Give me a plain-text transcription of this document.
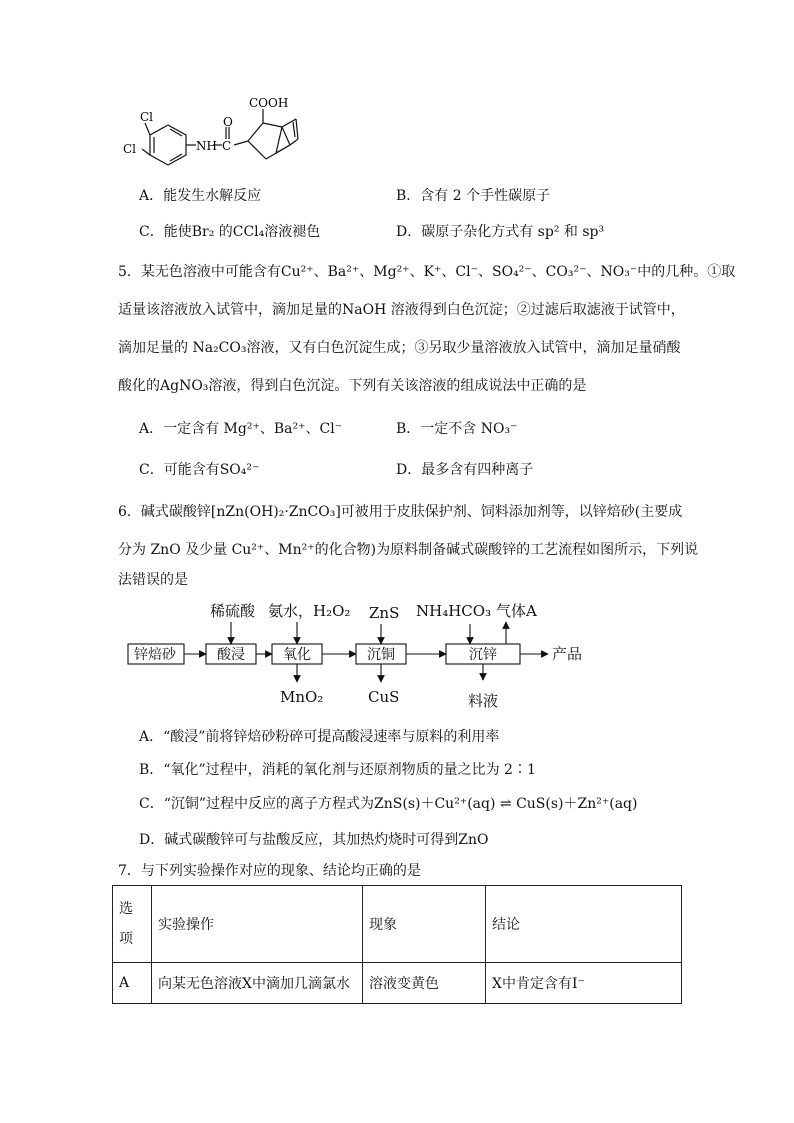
Cl
Cl	NH C
O
COOH
A．能发生水解反应	B．含有 2 个手性碳原子
C．能使Br₂ 的CCl₄溶液褪色	D．碳原子杂化方式有 sp² 和 sp³
5．某无色溶液中可能含有Cu²⁺、Ba²⁺、Mg²⁺、K⁺、Cl⁻、SO₄²⁻、CO₃²⁻、NO₃⁻中的几种。①取
适量该溶液放入试管中，滴加足量的NaOH 溶液得到白色沉淀；②过滤后取滤液于试管中，
滴加足量的 Na₂CO₃溶液，又有白色沉淀生成；③另取少量溶液放入试管中，滴加足量硝酸
酸化的AgNO₃溶液，得到白色沉淀。下列有关该溶液的组成说法中正确的是
A．一定含有 Mg²⁺、Ba²⁺、Cl⁻	B．一定不含 NO₃⁻
C．可能含有SO₄²⁻	D．最多含有四种离子
6．碱式碳酸锌[nZn(OH)₂·ZnCO₃]可被用于皮肤保护剂、饲料添加剂等，以锌焙砂(主要成
分为 ZnO 及少量 Cu²⁺、Mn²⁺的化合物)为原料制备碱式碳酸锌的工艺流程如图所示，下列说
法错误的是
锌焙砂	酸浸	氧化	沉铜	沉锌	产品
稀硫酸 氨水，H₂O₂ ZnS NH₄HCO₃ 气体A
MnO₂	CuS	料液
A．“酸浸”前将锌焙砂粉碎可提高酸浸速率与原料的利用率
B．“氧化”过程中，消耗的氧化剂与还原剂物质的量之比为 2∶1
C．“沉铜”过程中反应的离子方程式为ZnS(s)＋Cu²⁺(aq) ⇌ CuS(s)＋Zn²⁺(aq)
D．碱式碳酸锌可与盐酸反应，其加热灼烧时可得到ZnO
7．与下列实验操作对应的现象、结论均正确的是
选
项	实验操作	现象	结论
A	向某无色溶液X中滴加几滴氯水	溶液变黄色	X中肯定含有I⁻
